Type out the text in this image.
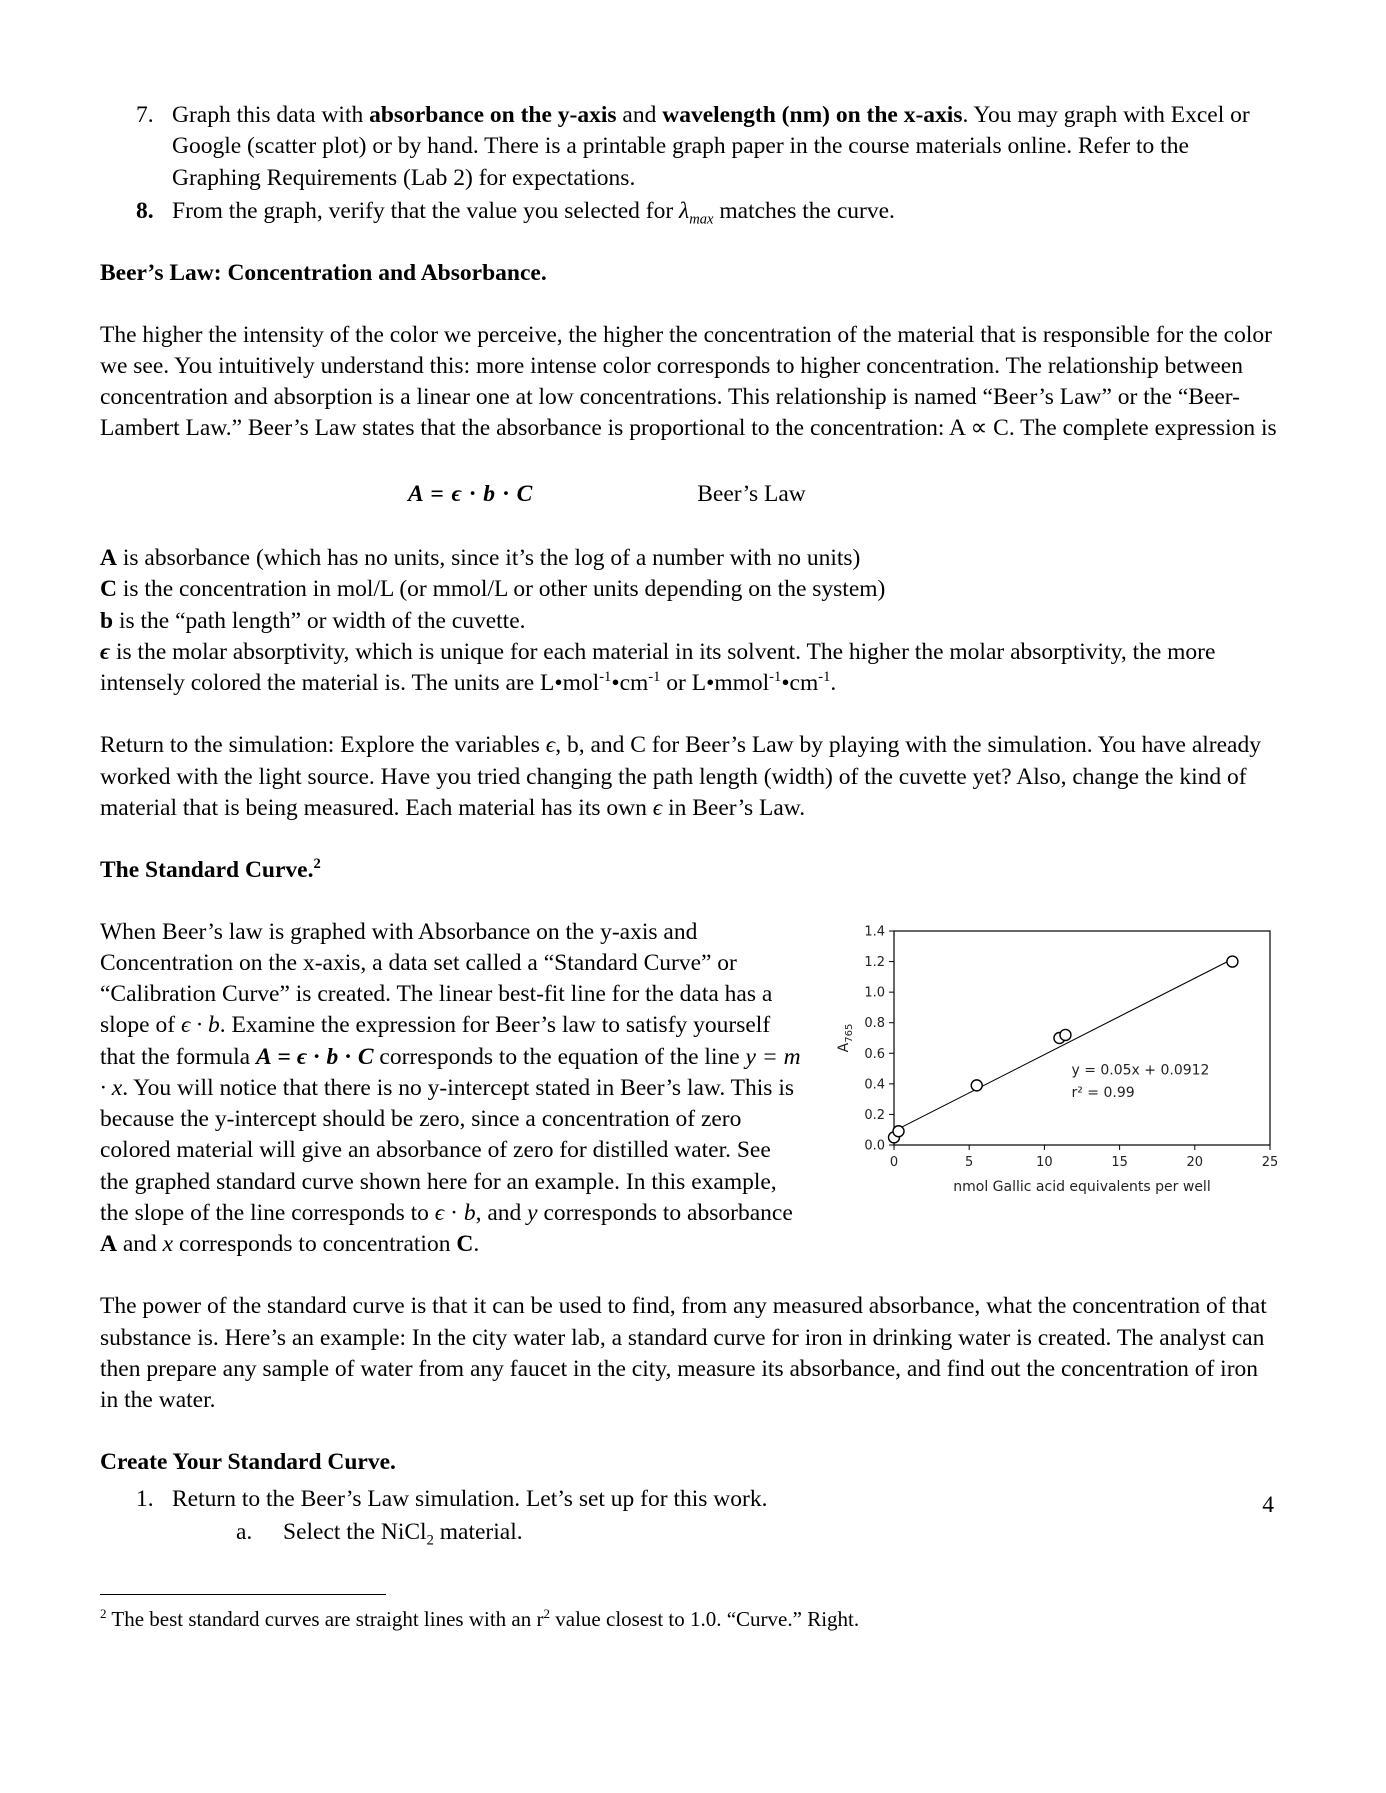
7. Graph this data with absorbance on the y-axis and wavelength (nm) on the x-axis. You may graph with Excel or Google (scatter plot) or by hand. There is a printable graph paper in the course materials online. Refer to the Graphing Requirements (Lab 2) for expectations.
8. From the graph, verify that the value you selected for $\lambda_{max}$ matches the curve.
Beer’s Law: Concentration and Absorbance.

The higher the intensity of the color we perceive, the higher the concentration of the material that is responsible for the color we see. You intuitively understand this: more intense color corresponds to higher concentration. The relationship between concentration and absorption is a linear one at low concentrations. This relationship is named “Beer’s Law” or the “Beer-Lambert Law.” Beer’s Law states that the absorbance is proportional to the concentration: A ∝ C. The complete expression is

A = ϵ · b · C	Beer’s Law

A is absorbance (which has no units, since it’s the log of a number with no units)

C is the concentration in mol/L (or mmol/L or other units depending on the system)

b is the “path length” or width of the cuvette.

ϵ is the molar absorptivity, which is unique for each material in its solvent. The higher the molar absorptivity, the more intensely colored the material is. The units are $L•mol^{-1}•cm^{-1}$ or $L•mmol^{-1}•cm^{-1}$.

Return to the simulation: Explore the variables ϵ, b, and C for Beer’s Law by playing with the simulation. You have already worked with the light source. Have you tried changing the path length (width) of the cuvette yet? Also, change the kind of material that is being measured. Each material has its own ϵ in Beer’s Law.

The Standard Curve.$^2$
0.0
0.2
0.4
0.6
0.8
1.0
1.2
1.4
0	5	10	15	20	25
y = 0.05x + 0.0912
r² = 0.99
nmol Gallic acid equivalents per well
$A_{765}$

When Beer’s law is graphed with Absorbance on the y-axis and Concentration on the x-axis, a data set called a “Standard Curve” or “Calibration Curve” is created. The linear best-fit line for the data has a slope of ϵ · b. Examine the expression for Beer’s law to satisfy yourself that the formula A = ϵ · b · C corresponds to the equation of the line y = m · x. You will notice that there is no y-intercept stated in Beer’s law. This is because the y-intercept should be zero, since a concentration of zero colored material will give an absorbance of zero for distilled water. See the graphed standard curve shown here for an example. In this example, the slope of the line corresponds to ϵ · b, and y corresponds to absorbance A and x corresponds to concentration C.

The power of the standard curve is that it can be used to find, from any measured absorbance, what the concentration of that substance is. Here’s an example: In the city water lab, a standard curve for iron in drinking water is created. The analyst can then prepare any sample of water from any faucet in the city, measure its absorbance, and find out the concentration of iron in the water.

Create Your Standard Curve.
1. Return to the Beer’s Law simulation. Let’s set up for this work.
a.	Select the NiCl$_2$ material.

$^2$ The best standard curves are straight lines with an $r^2$ value closest to 1.0. “Curve.” Right.

4
